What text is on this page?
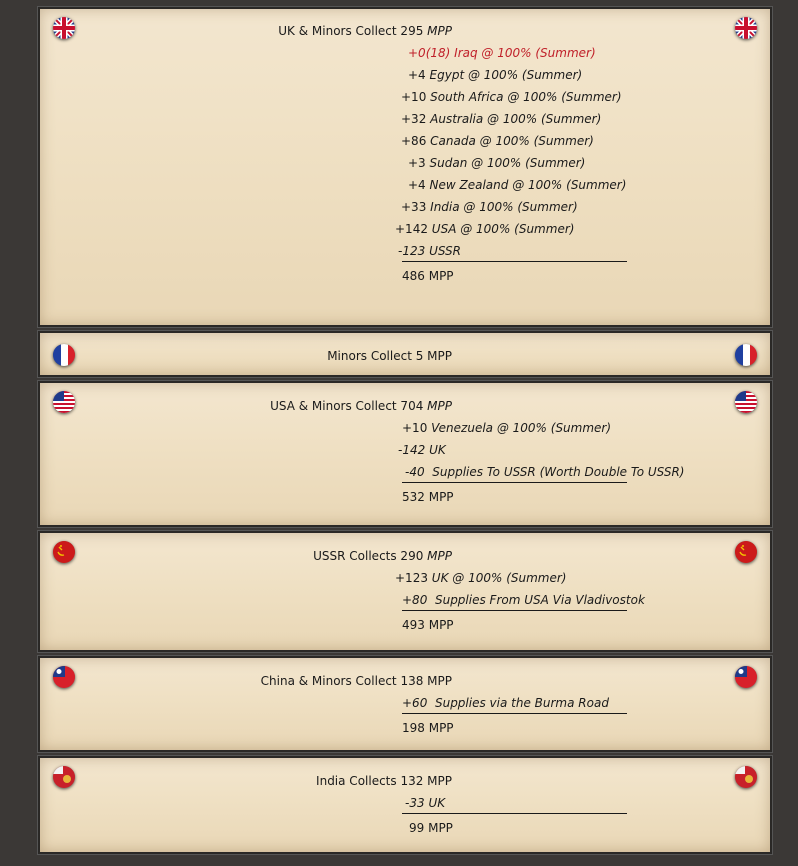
UK & Minors Collect 295 MPP
+0(18) Iraq @ 100% (Summer)
+4 Egypt @ 100% (Summer)
+10 South Africa @ 100% (Summer)
+32 Australia @ 100% (Summer)
+86 Canada @ 100% (Summer)
+3 Sudan @ 100% (Summer)
+4 New Zealand @ 100% (Summer)
+33 India @ 100% (Summer)
+142 USA @ 100% (Summer)
-123 USSR
486 MPP
Minors Collect 5 MPP
USA & Minors Collect 704 MPP
+10 Venezuela @ 100% (Summer)
-142 UK
-40 Supplies To USSR (Worth Double To USSR)
532 MPP
USSR Collects 290 MPP
+123 UK @ 100% (Summer)
+80 Supplies From USA Via Vladivostok
493 MPP
China & Minors Collect 138 MPP
+60 Supplies via the Burma Road
198 MPP
India Collects 132 MPP
-33 UK
99 MPP
